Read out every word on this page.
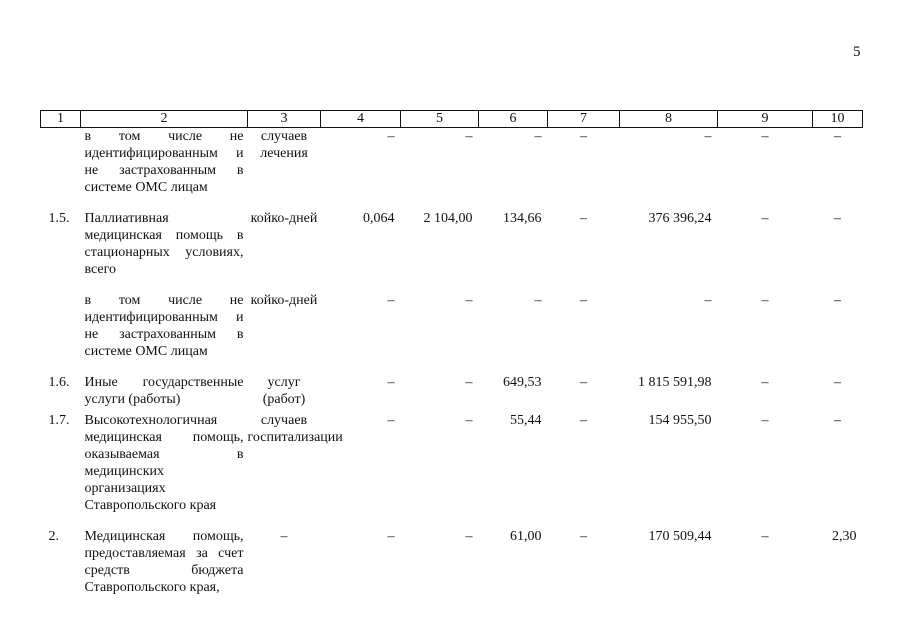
5
1	2	3	4	5	6	7	8	9	10
	в том числе не идентифицированным и не застрахованным в системе ОМС лицам	случаев лечения	–	–	–	–	–	–	–

1.5.	Паллиативная медицинская помощь в стационарных условиях, всего	койко-дней	0,064	2 104,00	134,66	–	376 396,24	–	–

	в том числе не идентифицированным и не застрахованным в системе ОМС лицам	койко-дней	–	–	–	–	–	–	–

1.6.	Иные государственные услуги (работы)	услуг (работ)	–	–	649,53	–	1 815 591,98	–	–

1.7.	Высокотехнологичная медицинская помощь, оказываемая в медицинских организациях Ставропольского края	случаев госпитализации	–	–	55,44	–	154 955,50	–	–

2.	Медицинская помощь, предоставляемая за счет средств бюджета Ставропольского края,	–	–	–	61,00	–	170 509,44	–	2,30
